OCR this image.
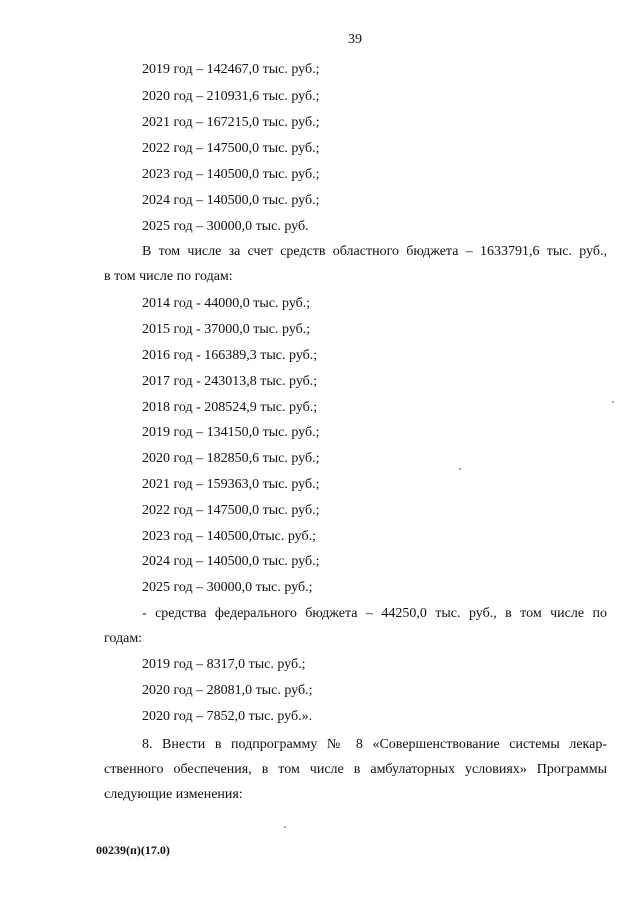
39
2019 год – 142467,0 тыс. руб.;
2020 год – 210931,6 тыс. руб.;
2021 год – 167215,0 тыс. руб.;
2022 год – 147500,0 тыс. руб.;
2023 год – 140500,0 тыс. руб.;
2024 год – 140500,0 тыс. руб.;
2025 год – 30000,0 тыс. руб.
В том числе за счет средств областного бюджета – 1633791,6 тыс. руб.,
в том числе по годам:
2014 год - 44000,0 тыс. руб.;
2015 год - 37000,0 тыс. руб.;
2016 год - 166389,3 тыс. руб.;
2017 год - 243013,8 тыс. руб.;
2018 год - 208524,9 тыс. руб.;
2019 год – 134150,0 тыс. руб.;
2020 год – 182850,6 тыс. руб.;
2021 год – 159363,0 тыс. руб.;
2022 год – 147500,0 тыс. руб.;
2023 год – 140500,0тыс. руб.;
2024 год – 140500,0 тыс. руб.;
2025 год – 30000,0 тыс. руб.;
- средства федерального бюджета – 44250,0 тыс. руб., в том числе по
годам:
2019 год – 8317,0 тыс. руб.;
2020 год – 28081,0 тыс. руб.;
2020 год – 7852,0 тыс. руб.».
8. Внести в подпрограмму № 8 «Совершенствование системы лекар-
ственного обеспечения, в том числе в амбулаторных условиях» Программы
следующие изменения:
00239(п)(17.0)
